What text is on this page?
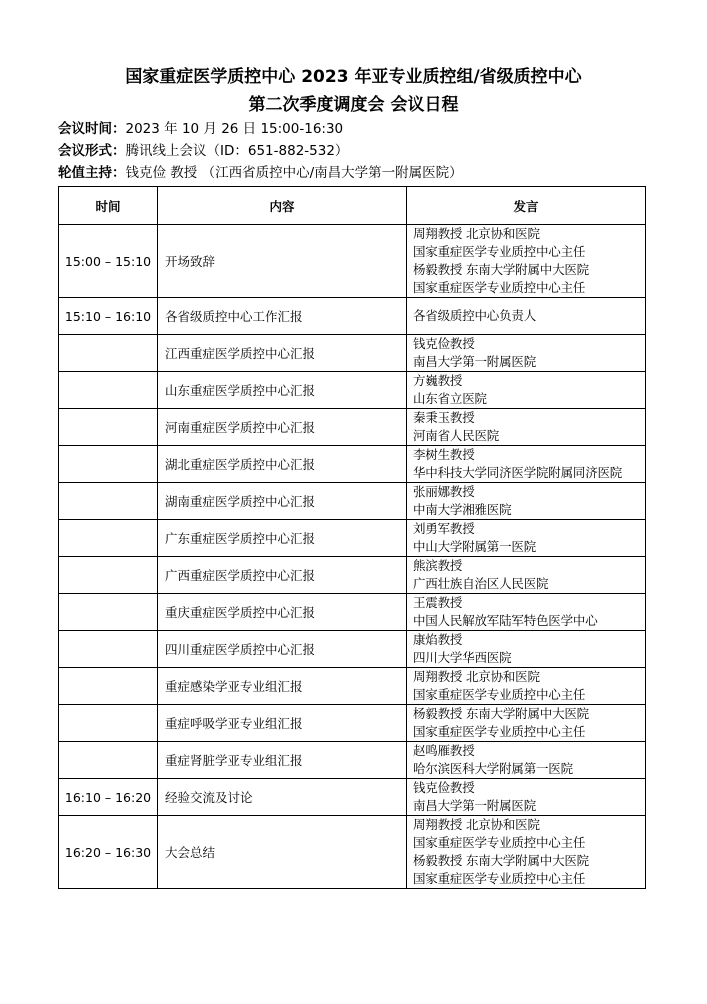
国家重症医学质控中心 2023 年亚专业质控组/省级质控中心
第二次季度调度会 会议日程
会议时间：2023 年 10 月 26 日 15:00-16:30
会议形式：腾讯线上会议（ID：651-882-532）
轮值主持：钱克俭 教授 （江西省质控中心/南昌大学第一附属医院）
时间	内容	发言
15:00 – 15:10	开场致辞	周翔教授 北京协和医院
国家重症医学专业质控中心主任
杨毅教授 东南大学附属中大医院
国家重症医学专业质控中心主任

15:10 – 16:10	各省级质控中心工作汇报	各省级质控中心负责人

	江西重症医学质控中心汇报	钱克俭教授
南昌大学第一附属医院

	山东重症医学质控中心汇报	方巍教授
山东省立医院

	河南重症医学质控中心汇报	秦秉玉教授
河南省人民医院

	湖北重症医学质控中心汇报	李树生教授
华中科技大学同济医学院附属同济医院

	湖南重症医学质控中心汇报	张丽娜教授
中南大学湘雅医院

	广东重症医学质控中心汇报	刘勇军教授
中山大学附属第一医院

	广西重症医学质控中心汇报	熊滨教授
广西壮族自治区人民医院

	重庆重症医学质控中心汇报	王震教授
中国人民解放军陆军特色医学中心

	四川重症医学质控中心汇报	康焰教授
四川大学华西医院

	重症感染学亚专业组汇报	周翔教授 北京协和医院
国家重症医学专业质控中心主任

	重症呼吸学亚专业组汇报	杨毅教授 东南大学附属中大医院
国家重症医学专业质控中心主任

	重症肾脏学亚专业组汇报	赵鸣雁教授
哈尔滨医科大学附属第一医院

16:10 – 16:20	经验交流及讨论	钱克俭教授
南昌大学第一附属医院

16:20 – 16:30	大会总结	周翔教授 北京协和医院
国家重症医学专业质控中心主任
杨毅教授 东南大学附属中大医院
国家重症医学专业质控中心主任
